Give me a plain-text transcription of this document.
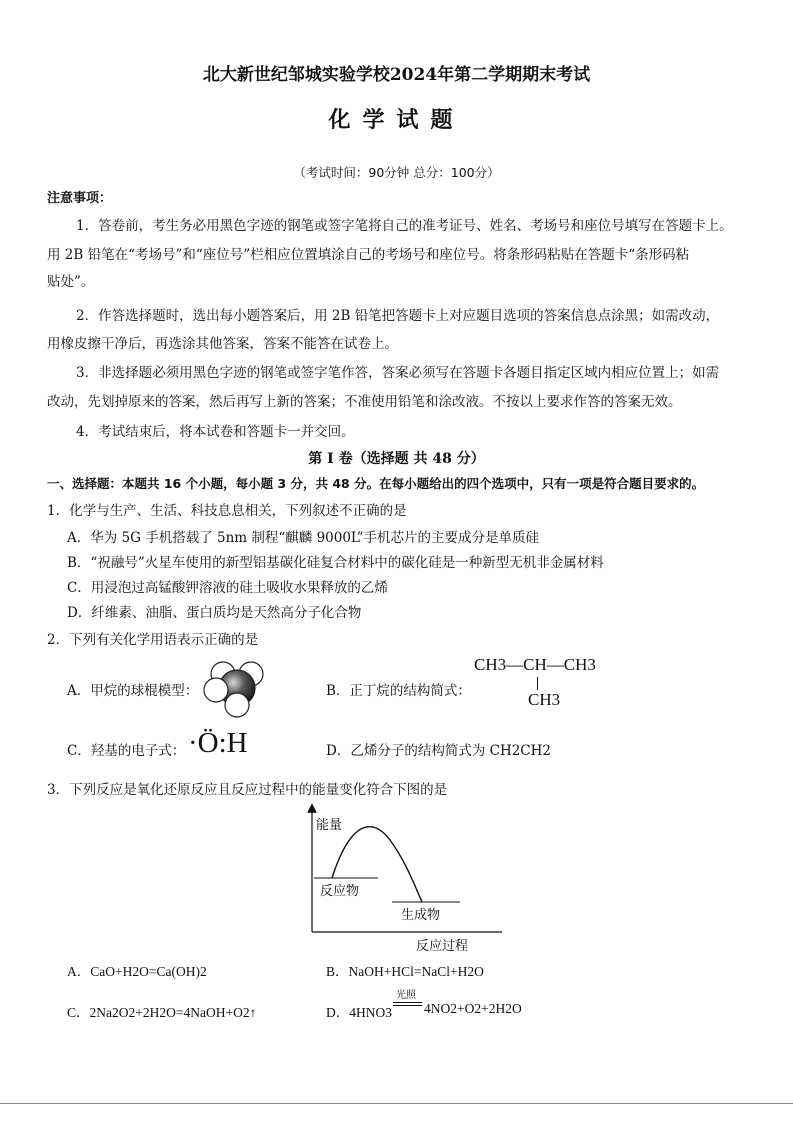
北大新世纪邹城实验学校2024年第二学期期末考试
化学试题
（考试时间：90分钟 总分：100分）
注意事项：
1．答卷前，考生务必用黑色字迹的钢笔或签字笔将自己的准考证号、姓名、考场号和座位号填写在答题卡上。
用 2B 铅笔在“考场号”和“座位号”栏相应位置填涂自己的考场号和座位号。将条形码粘贴在答题卡“条形码粘
贴处”。
2．作答选择题时，选出每小题答案后，用 2B 铅笔把答题卡上对应题目选项的答案信息点涂黑；如需改动，
用橡皮擦干净后，再选涂其他答案，答案不能答在试卷上。
3．非选择题必须用黑色字迹的钢笔或签字笔作答，答案必须写在答题卡各题目指定区域内相应位置上；如需
改动，先划掉原来的答案，然后再写上新的答案；不准使用铅笔和涂改液。不按以上要求作答的答案无效。
4．考试结束后，将本试卷和答题卡一并交回。
第 I 卷（选择题 共 48 分）
一、选择题：本题共 16 个小题，每小题 3 分，共 48 分。在每小题给出的四个选项中，只有一项是符合题目要求的。
1．化学与生产、生活、科技息息相关，下列叙述不正确的是
A．华为 5G 手机搭载了 5nm 制程“麒麟 9000L”手机芯片的主要成分是单质硅
B．“祝融号”火星车使用的新型铝基碳化硅复合材料中的碳化硅是一种新型无机非金属材料
C．用浸泡过高锰酸钾溶液的硅土吸收水果释放的乙烯
D．纤维素、油脂、蛋白质均是天然高分子化合物
2．下列有关化学用语表示正确的是
A．甲烷的球棍模型：	B．正丁烷的结构简式：
CH3—CH—CH3
CH3
C．羟基的电子式： ·Ö:H	D．乙烯分子的结构简式为 CH2CH2
3．下列反应是氧化还原反应且反应过程中的能量变化符合下图的是
能量
反应物
生成物
反应过程
A．CaO+H2O=Ca(OH)2	B．NaOH+HCl=NaCl+H2O
C．2Na2O2+2H2O=4NaOH+O2↑	D．4HNO3
光照
4NO2+O2+2H2O
